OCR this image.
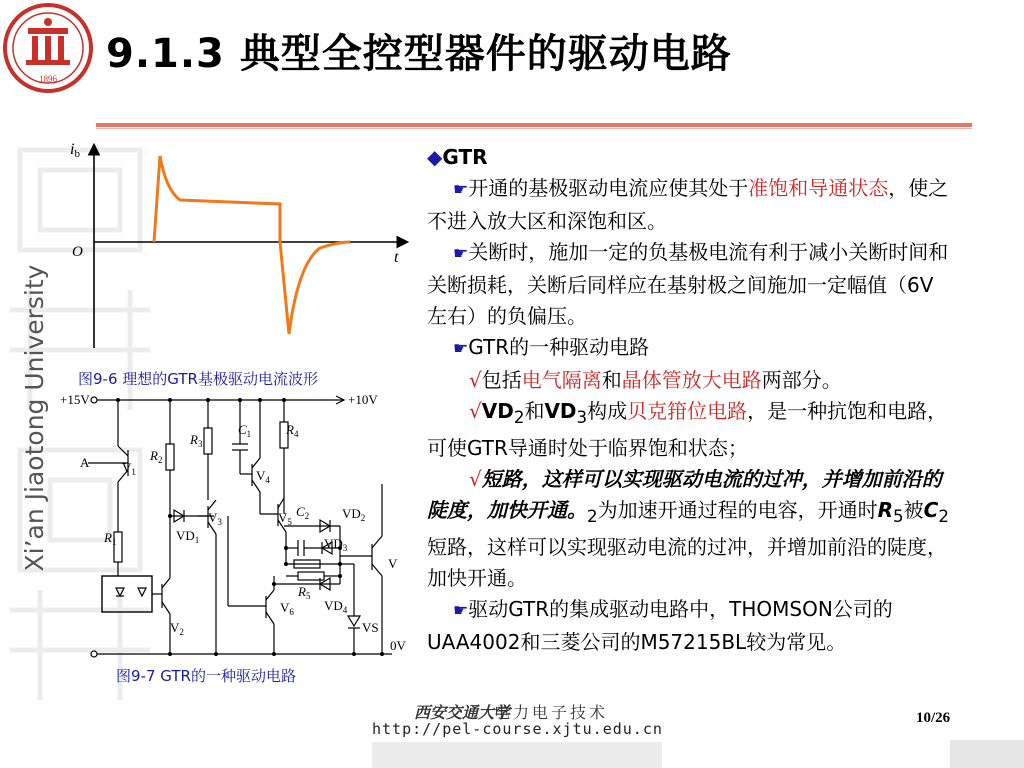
1896
9.1.3 典型全控型器件的驱动电路
Xi’an Jiaotong University
ib
O	t
图9-6 理想的GTR基极驱动电流波形
+15V	+10V
A
0V
$R_1$
$R_2$
$R_3$
$R_4$
$R_5$
$C_1$
$C_2$
$V_1$
$V_2$
$V_3$
$V_4$
$V_5$
$V_6$
V
$VD_1$
$VD_2$
$VD_3$
$VD_4$
VS
图9-7 GTR的一种驱动电路

◆GTR

☛开通的基极驱动电流应使其处于准饱和导通状态，使之不进入放大区和深饱和区。

☛关断时，施加一定的负基极电流有利于减小关断时间和关断损耗，关断后同样应在基射极之间施加一定幅值（6V左右）的负偏压。

☛GTR的一种驱动电路

√包括电气隔离和晶体管放大电路两部分。

$√VD_2$和$VD_3$构成贝克箝位电路，是一种抗饱和电路，可使GTR导通时处于临界饱和状态；

√短路，这样可以实现驱动电流的过冲，并增加前沿的陡度，加快开通。$_2$为加速开通过程的电容，开通时$R_5$被$C_2$短路，这样可以实现驱动电流的过冲，并增加前沿的陡度，加快开通。

☛驱动GTR的集成驱动电路中，THOMSON公司的UAA4002和三菱公司的M57215BL较为常见。

西安交通大学
电力电子技术
http://pel-course.xjtu.edu.cn
10/26
